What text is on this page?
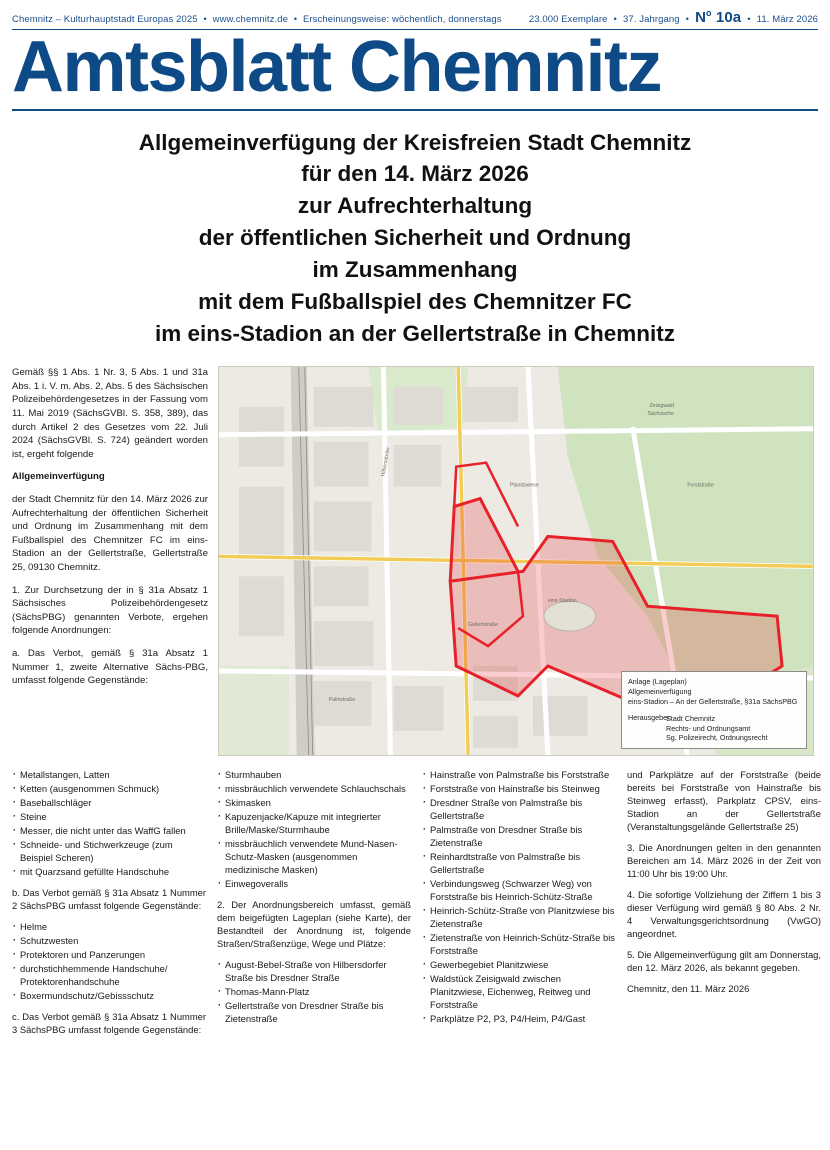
Chemnitz – Kulturhauptstadt Europas 2025 • www.chemnitz.de • Erscheinungsweise: wöchentlich, donnerstags	23.000 Exemplare • 37. Jahrgang • $N^o$ 10a • 11. März 2026
Amtsblatt Chemnitz
Allgemeinverfügung der Kreisfreien Stadt Chemnitz
für den 14. März 2026
zur Aufrechterhaltung
der öffentlichen Sicherheit und Ordnung
im Zusammenhang
mit dem Fußballspiel des Chemnitzer FC
im eins-Stadion an der Gellertstraße in Chemnitz

Gemäß §§ 1 Abs. 1 Nr. 3, 5 Abs. 1 und 31a Abs. 1 i. V. m. Abs. 2, Abs. 5 des Sächsischen Polizeibehördengesetzes in der Fassung vom 11. Mai 2019 (SächsGVBl. S. 358, 389), das durch Artikel 2 des Gesetzes vom 22. Juli 2024 (SächsGVBl. S. 724) geändert worden ist, ergeht folgende

Allgemeinverfügung

der Stadt Chemnitz für den 14. März 2026 zur Aufrechterhaltung der öffentlichen Sicherheit und Ordnung im Zusammenhang mit dem Fußballspiel des Chemnitzer FC im eins-Stadion an der Gellertstraße, Gellertstraße 25, 09130 Chemnitz.

1. Zur Durchsetzung der in § 31a Absatz 1 Sächsisches Polizeibehördengesetz (SächsPBG) genannten Verbote, ergehen folgende Anordnungen:

a. Das Verbot, gemäß § 31a Absatz 1 Nummer 1, zweite Alternative Sächs-PBG, umfasst folgende Gegenstände:

Zeisigwald
Sächsische
Hilbersdorfer
Planitzwiese
Gellertstraße
Forststraße
Palmstraße
eins-Stadion
Anlage (Lageplan)
Allgemeinverfügung
eins-Stadion – An der Gellertstraße, §31a SächsPBG
Herausgeber:
Stadt Chemnitz
Rechts- und Ordnungsamt
Sg. Polizeirecht, Ordnungsrecht
· Metallstangen, Latten
· Ketten (ausgenommen Schmuck)
· Baseballschläger
· Steine
· Messer, die nicht unter das WaffG fallen
· Schneide- und Stichwerkzeuge (zum Beispiel Scheren)
· mit Quarzsand gefüllte Handschuhe

b. Das Verbot gemäß § 31a Absatz 1 Nummer 2 SächsPBG umfasst folgende Gegenstände:

· Helme
· Schutzwesten
· Protektoren und Panzerungen
· durchstichhemmende Handschuhe/ Protektorenhandschuhe
· Boxermundschutz/Gebissschutz

c. Das Verbot gemäß § 31a Absatz 1 Nummer 3 SächsPBG umfasst folgende Gegenstände:

· Sturmhauben
· missbräuchlich verwendete Schlauchschals
· Skimasken
· Kapuzenjacke/Kapuze mit integrierter Brille/Maske/Sturmhaube
· missbräuchlich verwendete Mund-Nasen-Schutz-Masken (ausgenommen medizinische Masken)
· Einwegoveralls

2. Der Anordnungsbereich umfasst, gemäß dem beigefügten Lageplan (siehe Karte), der Bestandteil der Anordnung ist, folgende Straßen/Straßenzüge, Wege und Plätze:

· August-Bebel-Straße von Hilbersdorfer Straße bis Dresdner Straße
· Thomas-Mann-Platz
· Gellertstraße von Dresdner Straße bis Zietenstraße
· Hainstraße von Palmstraße bis Forststraße
· Forststraße von Hainstraße bis Steinweg
· Dresdner Straße von Palmstraße bis Gellertstraße
· Palmstraße von Dresdner Straße bis Zietenstraße
· Reinhardtstraße von Palmstraße bis Gellertstraße
· Verbindungsweg (Schwarzer Weg) von Forststraße bis Heinrich-Schütz-Straße
· Heinrich-Schütz-Straße von Planitzwiese bis Zietenstraße
· Zietenstraße von Heinrich-Schütz-Straße bis Forststraße
· Gewerbegebiet Planitzwiese
· Waldstück Zeisigwald zwischen Planitzwiese, Eichenweg, Reitweg und Forststraße
· Parkplätze P2, P3, P4/Heim, P4/Gast

und Parkplätze auf der Forststraße (beide bereits bei Forststraße von Hainstraße bis Steinweg erfasst), Parkplatz CPSV, eins-Stadion an der Gellertstraße (Veranstaltungsgelände Gellertstraße 25)

3. Die Anordnungen gelten in den genannten Bereichen am 14. März 2026 in der Zeit von 11:00 Uhr bis 19:00 Uhr.

4. Die sofortige Vollziehung der Ziffern 1 bis 3 dieser Verfügung wird gemäß § 80 Abs. 2 Nr. 4 Verwaltungsgerichtsordnung (VwGO) angeordnet.

5. Die Allgemeinverfügung gilt am Donnerstag, den 12. März 2026, als bekannt gegeben.

Chemnitz, den 11. März 2026
